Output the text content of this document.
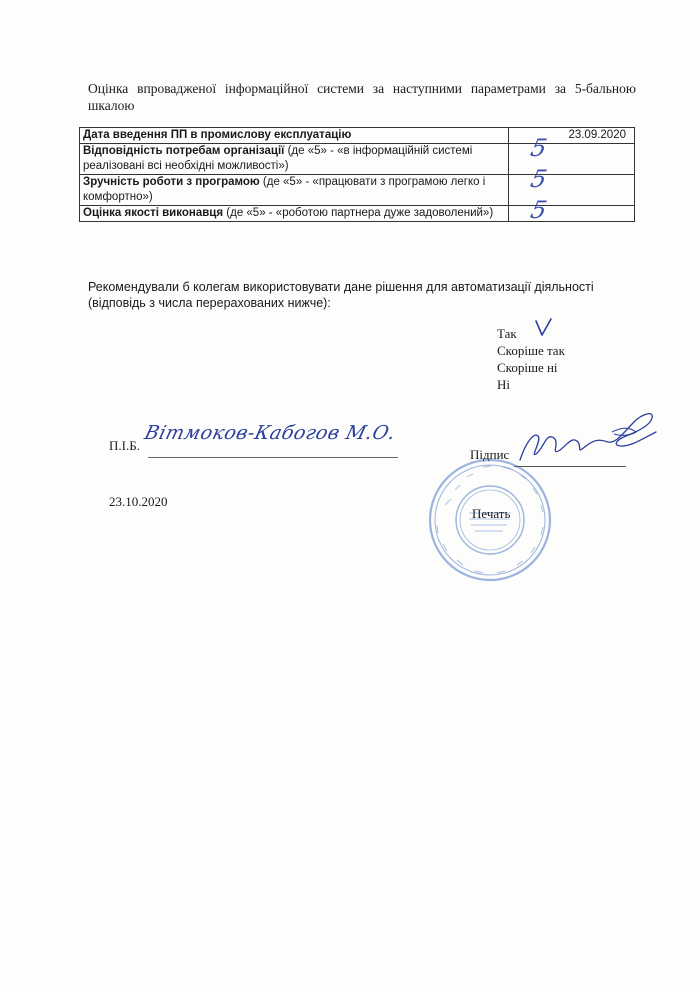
Оцінка впровадженої інформаційної системи за наступними параметрами за 5-бальною шкалою
Дата введення ПП в промислову експлуатацію	23.09.2020
Відповідність потребам організації (де «5» - «в інформаційній системі реалізовані всі необхідні можливості»)	5

Зручність роботи з програмою (де «5» - «працювати з програмою легко і комфортно»)	5

Оцінка якості виконавця (де «5» - «роботою партнера дуже задоволений»)	5
Рекомендували б колегам використовувати дане рішення для автоматизації діяльності (відповідь з числа перерахованих нижче):
Так
Скоріше так
Скоріше ні
Ні
П.І.Б.
Вітмоков-Кабогов М.О.
Підпис
23.10.2020
Печать
